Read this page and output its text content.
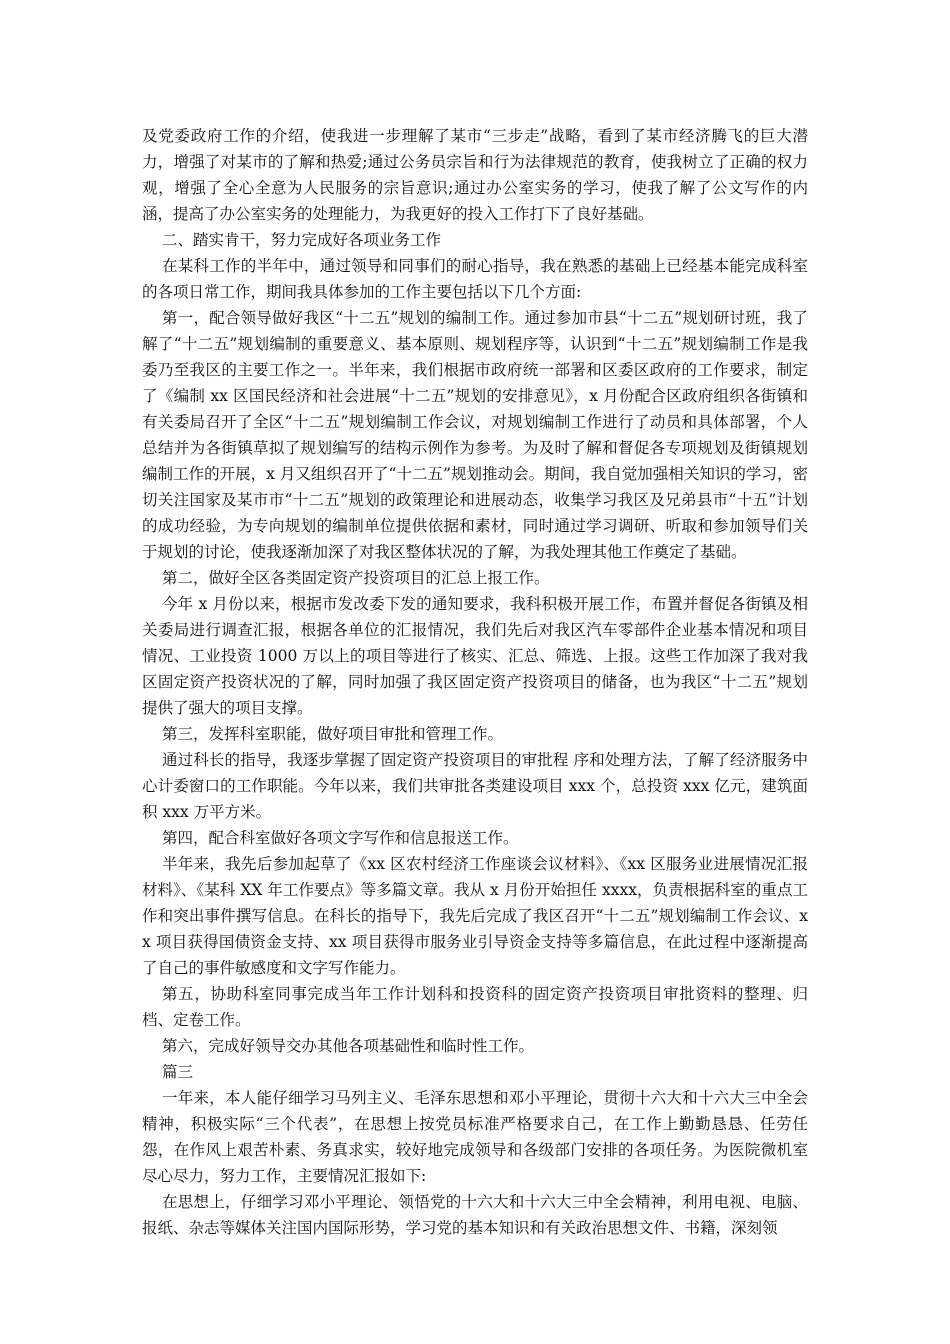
及党委政府工作的介绍，使我进一步理解了某市“三步走”战略，看到了某市经济腾飞的巨大潜力，增强了对某市的了解和热爱;通过公务员宗旨和行为法律规范的教育，使我树立了正确的权力观，增强了全心全意为人民服务的宗旨意识;通过办公室实务的学习，使我了解了公文写作的内涵，提高了办公室实务的处理能力，为我更好的投入工作打下了良好基础。

二、踏实肯干，努力完成好各项业务工作

在某科工作的半年中，通过领导和同事们的耐心指导，我在熟悉的基础上已经基本能完成科室的各项日常工作，期间我具体参加的工作主要包括以下几个方面:

第一，配合领导做好我区“十二五”规划的编制工作。通过参加市县“十二五”规划研讨班，我了解了“十二五”规划编制的重要意义、基本原则、规划程序等，认识到“十二五”规划编制工作是我委乃至我区的主要工作之一。半年来，我们根据市政府统一部署和区委区政府的工作要求，制定了《编制 xx 区国民经济和社会进展“十二五”规划的安排意见》，x 月份配合区政府组织各街镇和有关委局召开了全区“十二五”规划编制工作会议，对规划编制工作进行了动员和具体部署，个人总结并为各街镇草拟了规划编写的结构示例作为参考。为及时了解和督促各专项规划及街镇规划编制工作的开展，x 月又组织召开了“十二五”规划推动会。期间，我自觉加强相关知识的学习，密切关注国家及某市市“十二五”规划的政策理论和进展动态，收集学习我区及兄弟县市“十五”计划的成功经验，为专向规划的编制单位提供依据和素材，同时通过学习调研、听取和参加领导们关于规划的讨论，使我逐渐加深了对我区整体状况的了解，为我处理其他工作奠定了基础。

第二，做好全区各类固定资产投资项目的汇总上报工作。

今年 x 月份以来，根据市发改委下发的通知要求，我科积极开展工作，布置并督促各街镇及相关委局进行调查汇报，根据各单位的汇报情况，我们先后对我区汽车零部件企业基本情况和项目情况、工业投资 1000 万以上的项目等进行了核实、汇总、筛选、上报。这些工作加深了我对我区固定资产投资状况的了解，同时加强了我区固定资产投资项目的储备，也为我区“十二五”规划提供了强大的项目支撑。

第三，发挥科室职能，做好项目审批和管理工作。

通过科长的指导，我逐步掌握了固定资产投资项目的审批程 序和处理方法，了解了经济服务中心计委窗口的工作职能。今年以来，我们共审批各类建设项目 xxx 个，总投资 xxx 亿元，建筑面积 xxx 万平方米。

第四，配合科室做好各项文字写作和信息报送工作。

半年来，我先后参加起草了《xx 区农村经济工作座谈会议材料》、《xx 区服务业进展情况汇报材料》、《某科 XX 年工作要点》等多篇文章。我从 x 月份开始担任 xxxx，负责根据科室的重点工作和突出事件撰写信息。在科长的指导下，我先后完成了我区召开“十二五”规划编制工作会议、xx 项目获得国债资金支持、xx 项目获得市服务业引导资金支持等多篇信息，在此过程中逐渐提高了自己的事件敏感度和文字写作能力。

第五，协助科室同事完成当年工作计划科和投资科的固定资产投资项目审批资料的整理、归档、定卷工作。

第六，完成好领导交办其他各项基础性和临时性工作。

篇三

一年来，本人能仔细学习马列主义、毛泽东思想和邓小平理论，贯彻十六大和十六大三中全会精神，积极实际“三个代表”，在思想上按党员标准严格要求自己，在工作上勤勤恳恳、任劳任怨，在作风上艰苦朴素、务真求实，较好地完成领导和各级部门安排的各项任务。为医院微机室尽心尽力，努力工作，主要情况汇报如下:

在思想上，仔细学习邓小平理论、领悟党的十六大和十六大三中全会精神，利用电视、电脑、报纸、杂志等媒体关注国内国际形势，学习党的基本知识和有关政治思想文件、书籍，深刻领
